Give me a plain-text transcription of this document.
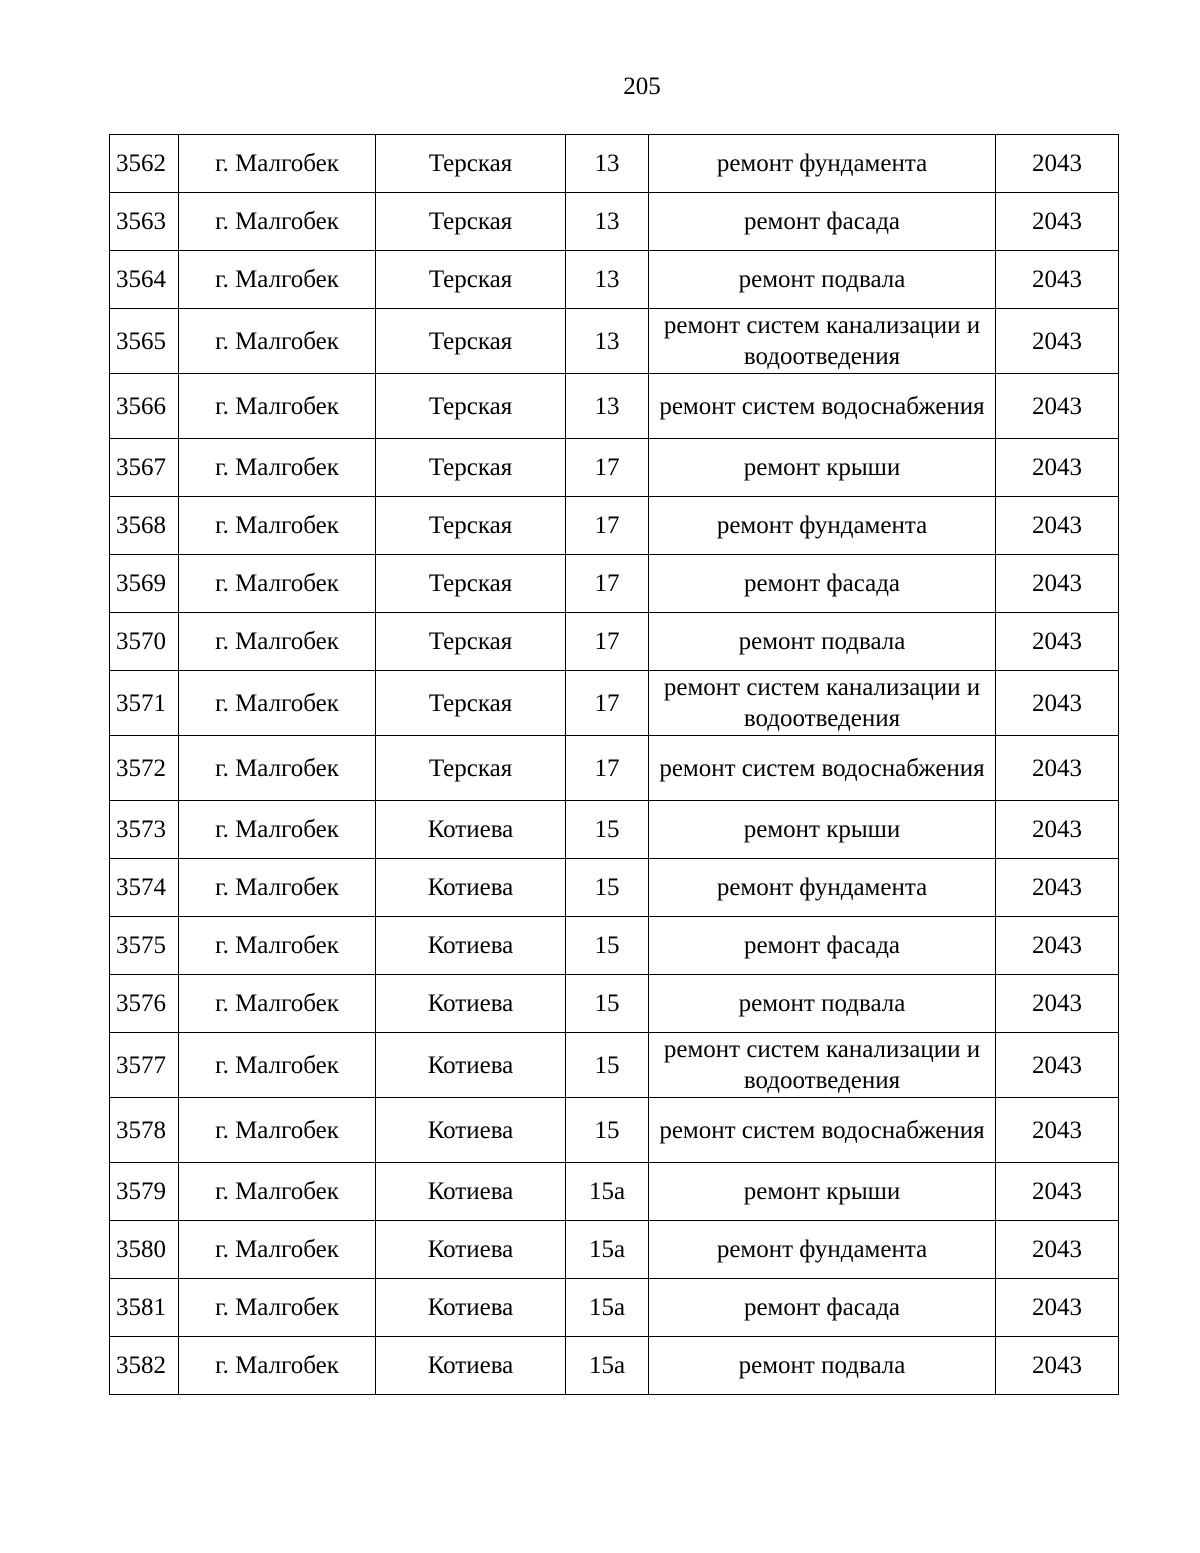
205
3562	г. Малгобек	Терская	13	ремонт фундамента	2043
3563	г. Малгобек	Терская	13	ремонт фасада	2043
3564	г. Малгобек	Терская	13	ремонт подвала	2043
3565	г. Малгобек	Терская	13	ремонт систем канализации и водоотведения	2043
3566	г. Малгобек	Терская	13	ремонт систем водоснабжения	2043
3567	г. Малгобек	Терская	17	ремонт крыши	2043
3568	г. Малгобек	Терская	17	ремонт фундамента	2043
3569	г. Малгобек	Терская	17	ремонт фасада	2043
3570	г. Малгобек	Терская	17	ремонт подвала	2043
3571	г. Малгобек	Терская	17	ремонт систем канализации и водоотведения	2043
3572	г. Малгобек	Терская	17	ремонт систем водоснабжения	2043
3573	г. Малгобек	Котиева	15	ремонт крыши	2043
3574	г. Малгобек	Котиева	15	ремонт фундамента	2043
3575	г. Малгобек	Котиева	15	ремонт фасада	2043
3576	г. Малгобек	Котиева	15	ремонт подвала	2043
3577	г. Малгобек	Котиева	15	ремонт систем канализации и водоотведения	2043
3578	г. Малгобек	Котиева	15	ремонт систем водоснабжения	2043
3579	г. Малгобек	Котиева	15а	ремонт крыши	2043
3580	г. Малгобек	Котиева	15а	ремонт фундамента	2043
3581	г. Малгобек	Котиева	15а	ремонт фасада	2043
3582	г. Малгобек	Котиева	15а	ремонт подвала	2043
